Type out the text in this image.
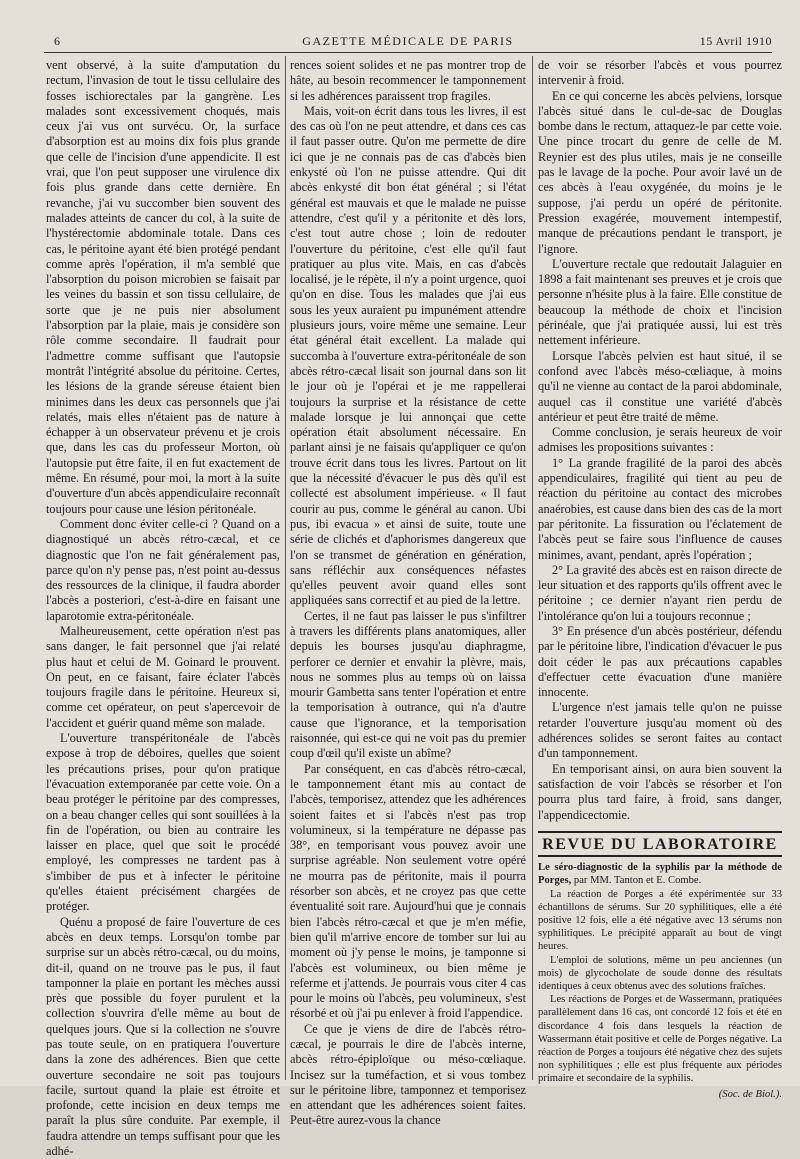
6	GAZETTE MÉDICALE DE PARIS	15 Avril 1910

vent observé, à la suite d'amputation du rectum, l'invasion de tout le tissu cellulaire des fosses ischiorectales par la gangrène. Les malades sont excessivement choqués, mais ceux j'ai vus ont survécu. Or, la surface d'absorption est au moins dix fois plus grande que celle de l'incision d'une appendicite. Il est vrai, que l'on peut supposer une virulence dix fois plus grande dans cette dernière. En revanche, j'ai vu succomber bien souvent des malades atteints de cancer du col, à la suite de l'hystérectomie abdominale totale. Dans ces cas, le péritoine ayant été bien protégé pendant comme après l'opération, il m'a semblé que l'absorption du poison microbien se faisait par les veines du bassin et son tissu cellulaire, de sorte que je ne puis nier absolument l'absorption par la plaie, mais je considère son rôle comme secondaire. Il faudrait pour l'admettre comme suffisant que l'autopsie montrât l'intégrité absolue du péritoine. Certes, les lésions de la grande séreuse étaient bien minimes dans les deux cas personnels que j'ai relatés, mais elles n'étaient pas de nature à échapper à un observateur prévenu et je crois que, dans les cas du professeur Morton, où l'autopsie put être faite, il en fut exactement de même. En résumé, pour moi, la mort à la suite d'ouverture d'un abcès appendiculaire reconnaît toujours pour cause une lésion péritonéale.

Comment donc éviter celle-ci ? Quand on a diagnostiqué un abcès rétro-cæcal, et ce diagnostic que l'on ne fait généralement pas, parce qu'on n'y pense pas, n'est point au-dessus des ressources de la clinique, il faudra aborder l'abcès a posteriori, c'est-à-dire en faisant une laparotomie extra-péritonéale.

Malheureusement, cette opération n'est pas sans danger, le fait personnel que j'ai relaté plus haut et celui de M. Goinard le prouvent. On peut, en ce faisant, faire éclater l'abcès toujours fragile dans le péritoine. Heureux si, comme cet opérateur, on peut s'apercevoir de l'accident et guérir quand même son malade.

L'ouverture transpéritonéale de l'abcès expose à trop de déboires, quelles que soient les précautions prises, pour qu'on pratique l'évacuation extemporanée par cette voie. On a beau protéger le péritoine par des compresses, on a beau changer celles qui sont souillées à la fin de l'opération, ou bien au contraire les laisser en place, quel que soit le procédé employé, les compresses ne tardent pas à s'imbiber de pus et à infecter le péritoine qu'elles étaient précisément chargées de protéger.

Quénu a proposé de faire l'ouverture de ces abcès en deux temps. Lorsqu'on tombe par surprise sur un abcès rétro-cæcal, ou du moins, dit-il, quand on ne trouve pas le pus, il faut tamponner la plaie en portant les mèches aussi près que possible du foyer purulent et la collection s'ouvrira d'elle même au bout de quelques jours. Que si la collection ne s'ouvre pas toute seule, on en pratiquera l'ouverture dans la zone des adhérences. Bien que cette ouverture secondaire ne soit pas toujours facile, surtout quand la plaie est étroite et profonde, cette incision en deux temps me paraît la plus sûre conduite. Par exemple, il faudra attendre un temps suffisant pour que les adhé-

rences soient solides et ne pas montrer trop de hâte, au besoin recommencer le tamponnement si les adhérences paraissent trop fragiles.

Mais, voit-on écrit dans tous les livres, il est des cas où l'on ne peut attendre, et dans ces cas il faut passer outre. Qu'on me permette de dire ici que je ne connais pas de cas d'abcès bien enkysté où l'on ne puisse attendre. Qui dit abcès enkysté dit bon état général ; si l'état général est mauvais et que le malade ne puisse attendre, c'est qu'il y a péritonite et dès lors, c'est tout autre chose ; loin de redouter l'ouverture du péritoine, c'est elle qu'il faut pratiquer au plus vite. Mais, en cas d'abcès localisé, je le répète, il n'y a point urgence, quoi qu'on en dise. Tous les malades que j'ai eus sous les yeux auraient pu impunément attendre plusieurs jours, voire même une semaine. Leur état général était excellent. La malade qui succomba à l'ouverture extra-péritonéale de son abcès rétro-cæcal lisait son journal dans son lit le jour où je l'opérai et je me rappellerai toujours la surprise et la résistance de cette malade lorsque je lui annonçai que cette opération était absolument nécessaire. En parlant ainsi je ne faisais qu'appliquer ce qu'on trouve écrit dans tous les livres. Partout on lit que la nécessité d'évacuer le pus dès qu'il est collecté est absolument impérieuse. « Il faut courir au pus, comme le général au canon. Ubi pus, ibi evacua » et ainsi de suite, toute une série de clichés et d'aphorismes dangereux que l'on se transmet de génération en génération, sans réfléchir aux conséquences néfastes qu'elles peuvent avoir quand elles sont appliquées sans correctif et au pied de la lettre.

Certes, il ne faut pas laisser le pus s'infiltrer à travers les différents plans anatomiques, aller depuis les bourses jusqu'au diaphragme, perforer ce dernier et envahir la plèvre, mais, nous ne sommes plus au temps où on laissa mourir Gambetta sans tenter l'opération et entre la temporisation à outrance, qui n'a d'autre cause que l'ignorance, et la temporisation raisonnée, qui est-ce qui ne voit pas du premier coup d'œil qu'il existe un abîme?

Par conséquent, en cas d'abcès rétro-cæcal, le tamponnement étant mis au contact de l'abcès, temporisez, attendez que les adhérences soient faites et si l'abcès n'est pas trop volumineux, si la température ne dépasse pas 38°, en temporisant vous pouvez avoir une surprise agréable. Non seulement votre opéré ne mourra pas de péritonite, mais il pourra résorber son abcès, et ne croyez pas que cette éventualité soit rare. Aujourd'hui que je connais bien l'abcès rétro-cæcal et que je m'en méfie, bien qu'il m'arrive encore de tomber sur lui au moment où j'y pense le moins, je tamponne si l'abcès est volumineux, ou bien même je referme et j'attends. Je pourrais vous citer 4 cas pour le moins où l'abcès, peu volumineux, s'est résorbé et où j'ai pu enlever à froid l'appendice.

Ce que je viens de dire de l'abcès rétro-cæcal, je pourrais le dire de l'abcès interne, abcès rétro-épiploïque ou méso-cœliaque. Incisez sur la tuméfaction, et si vous tombez sur le péritoine libre, tamponnez et temporisez en attendant que les adhérences soient faites. Peut-être aurez-vous la chance

de voir se résorber l'abcès et vous pourrez intervenir à froid.

En ce qui concerne les abcès pelviens, lorsque l'abcès situé dans le cul-de-sac de Douglas bombe dans le rectum, attaquez-le par cette voie. Une pince trocart du genre de celle de M. Reynier est des plus utiles, mais je ne conseille pas le lavage de la poche. Pour avoir lavé un de ces abcès à l'eau oxygénée, du moins je le suppose, j'ai perdu un opéré de péritonite. Pression exagérée, mouvement intempestif, manque de précautions pendant le transport, je l'ignore.

L'ouverture rectale que redoutait Jalaguier en 1898 a fait maintenant ses preuves et je crois que personne n'hésite plus à la faire. Elle constitue de beaucoup la méthode de choix et l'incision périnéale, que j'ai pratiquée aussi, lui est très nettement inférieure.

Lorsque l'abcès pelvien est haut situé, il se confond avec l'abcès méso-cœliaque, à moins qu'il ne vienne au contact de la paroi abdominale, auquel cas il constitue une variété d'abcès antérieur et peut être traité de même.

Comme conclusion, je serais heureux de voir admises les propositions suivantes :

1° La grande fragilité de la paroi des abcès appendiculaires, fragilité qui tient au peu de réaction du péritoine au contact des microbes anaérobies, est cause dans bien des cas de la mort par péritonite. La fissuration ou l'éclatement de l'abcès peut se faire sous l'influence de causes minimes, avant, pendant, après l'opération ;

2° La gravité des abcès est en raison directe de leur situation et des rapports qu'ils offrent avec le péritoine ; ce dernier n'ayant rien perdu de l'intolérance qu'on lui a toujours reconnue ;

3° En présence d'un abcès postérieur, défendu par le péritoine libre, l'indication d'évacuer le pus doit céder le pas aux précautions capables d'effectuer cette évacuation d'une manière innocente.

L'urgence n'est jamais telle qu'on ne puisse retarder l'ouverture jusqu'au moment où des adhérences solides se seront faites au contact d'un tamponnement.

En temporisant ainsi, on aura bien souvent la satisfaction de voir l'abcès se résorber et l'on pourra plus tard faire, à froid, sans danger, l'appendicectomie.

REVUE DU LABORATOIRE

Le séro-diagnostic de la syphilis par la méthode de Porges, par MM. Tanton et E. Combe.

La réaction de Porges a été expérimentée sur 33 échantillons de sérums. Sur 20 syphilitiques, elle a été positive 12 fois, elle a été négative avec 13 sérums non syphilitiques. Le précipité apparaît au bout de vingt heures.

L'emploi de solutions, même un peu anciennes (un mois) de glycocholate de soude donne des résultats identiques à ceux obtenus avec des solutions fraîches.

Les réactions de Porges et de Wassermann, pratiquées parallèlement dans 16 cas, ont concordé 12 fois et été en discordance 4 fois dans lesquels la réaction de Wassermann était positive et celle de Porges négative. La réaction de Porges a toujours été négative chez des sujets non syphilitiques ; elle est plus fréquente aux périodes primaire et secondaire de la syphilis.

(Soc. de Biol.).
